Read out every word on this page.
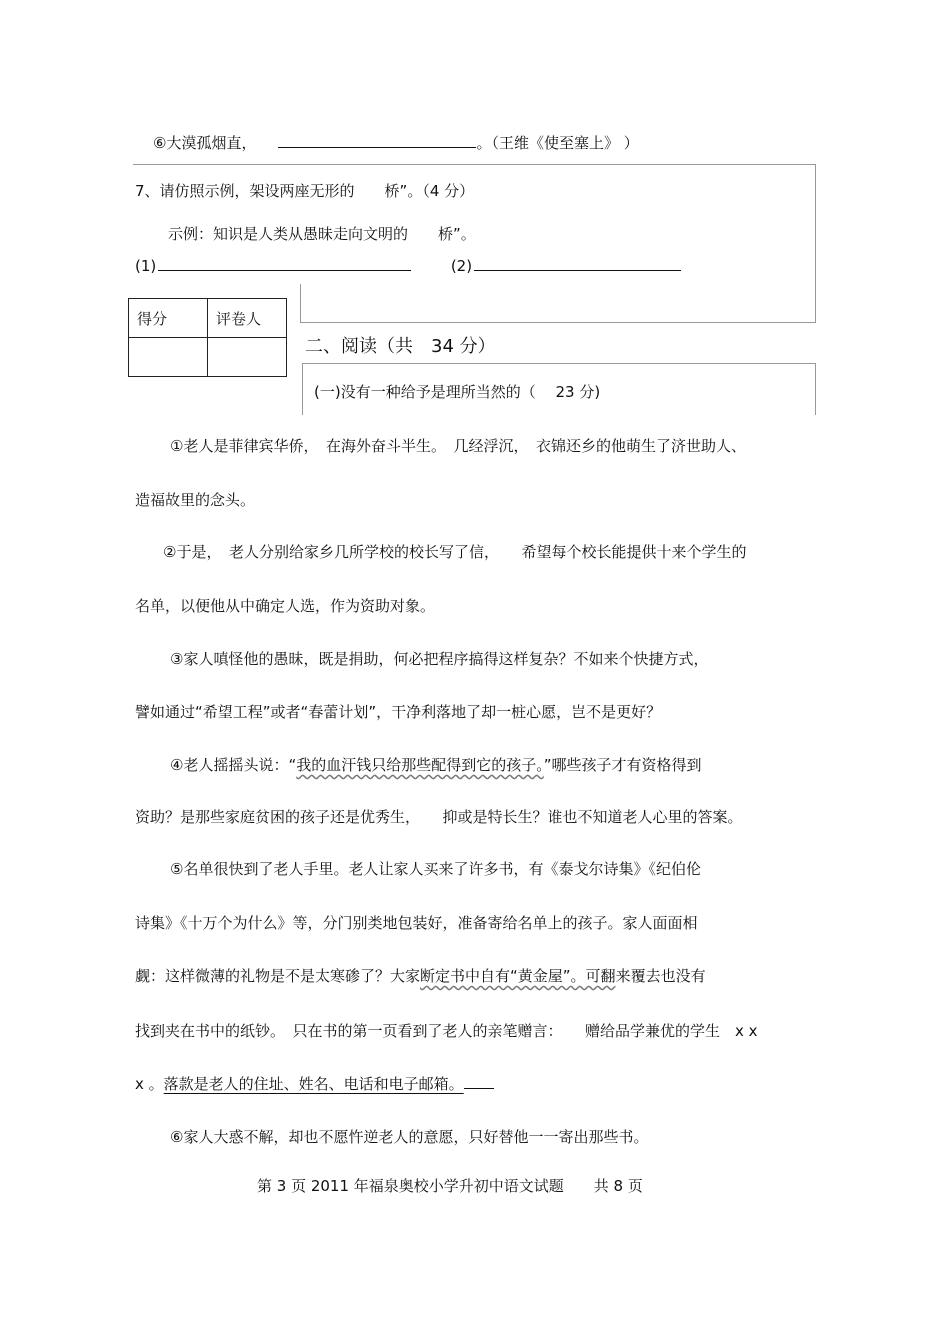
⑥大漠孤烟直，	。（王维《使至塞上》 ）
7、请仿照示例，架设两座无形的　　桥”。（4 分）
示例：知识是人类从愚昧走向文明的　　桥”。
(1)	(2)
得分	评卷人

二、阅读（共　34 分）
(一)没有一种给予是理所当然的（　 23 分)
①老人是菲律宾华侨，　在海外奋斗半生。　几经浮沉，　衣锦还乡的他萌生了济世助人、
造福故里的念头。
②于是，　老人分别给家乡几所学校的校长写了信，　　希望每个校长能提供十来个学生的
名单，以便他从中确定人选，作为资助对象。
③家人嗔怪他的愚昧，既是捐助，何必把程序搞得这样复杂？不如来个快捷方式，
譬如通过“希望工程”或者“春蕾计划”，干净利落地了却一桩心愿，岂不是更好？
④老人摇摇头说：“我的血汗钱只给那些配得到它的孩子。”哪些孩子才有资格得到
资助？是那些家庭贫困的孩子还是优秀生，　　抑或是特长生？谁也不知道老人心里的答案。
⑤名单很快到了老人手里。老人让家人买来了许多书，有《泰戈尔诗集》《纪伯伦
诗集》《十万个为什么》等，分门别类地包装好，准备寄给名单上的孩子。家人面面相
觑：这样微薄的礼物是不是太寒碜了？大家断定书中自有“黄金屋”。可翻来覆去也没有
找到夹在书中的纸钞。　只在书的第一页看到了老人的亲笔赠言：　　赠给品学兼优的学生　x x
x 。落款是老人的住址、姓名、电话和电子邮箱。
⑥家人大惑不解，却也不愿忤逆老人的意愿，只好替他一一寄出那些书。
第 3 页 2011 年福泉奥校小学升初中语文试题　　共 8 页
